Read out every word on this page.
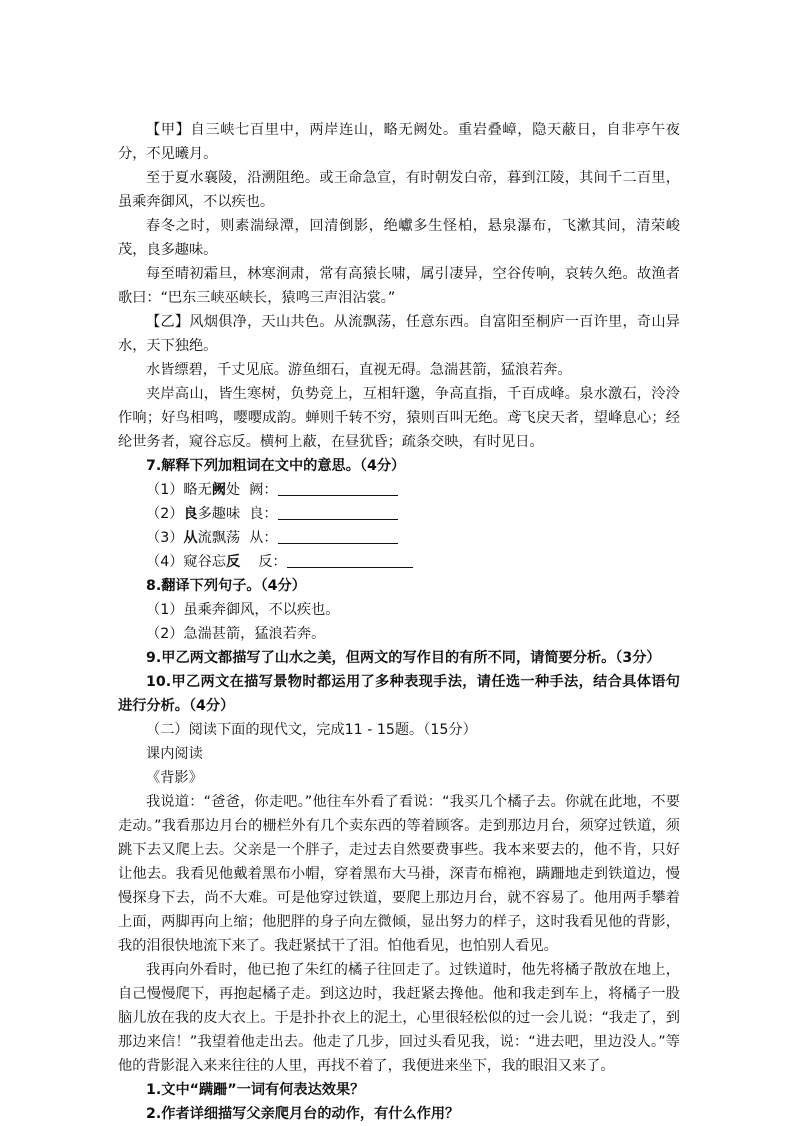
【甲】自三峡七百里中，两岸连山，略无阙处。重岩叠嶂，隐天蔽日，自非亭午夜分，不见曦月。

至于夏水襄陵，沿溯阻绝。或王命急宣，有时朝发白帝，暮到江陵，其间千二百里，虽乘奔御风，不以疾也。

春冬之时，则素湍绿潭，回清倒影，绝巘多生怪柏，悬泉瀑布，飞漱其间，清荣峻茂，良多趣味。

每至晴初霜旦，林寒涧肃，常有高猿长啸，属引凄异，空谷传响，哀转久绝。故渔者歌曰：“巴东三峡巫峡长，猿鸣三声泪沾裳。”

【乙】风烟俱净，天山共色。从流飘荡，任意东西。自富阳至桐庐一百许里，奇山异水，天下独绝。

水皆缥碧，千丈见底。游鱼细石，直视无碍。急湍甚箭，猛浪若奔。

夹岸高山，皆生寒树，负势竞上，互相轩邈，争高直指，千百成峰。泉水激石，泠泠作响；好鸟相鸣，嘤嘤成韵。蝉则千转不穷，猿则百叫无绝。鸢飞戾天者，望峰息心；经纶世务者，窥谷忘反。横柯上蔽，在昼犹昏；疏条交映，有时见日。

7.解释下列加粗词在文中的意思。（4分）

（1）略无阙处 阙：

（2）良多趣味 良：

（3）从流飘荡 从：

（4）窥谷忘反 反：

8.翻译下列句子。（4分）

（1）虽乘奔御风，不以疾也。

（2）急湍甚箭，猛浪若奔。

9.甲乙两文都描写了山水之美，但两文的写作目的有所不同，请简要分析。（3分）

10.甲乙两文在描写景物时都运用了多种表现手法，请任选一种手法，结合具体语句进行分析。（4分）

（二）阅读下面的现代文，完成11 - 15题。（15分）

课内阅读

《背影》

我说道：“爸爸，你走吧。”他往车外看了看说：“我买几个橘子去。你就在此地，不要走动。”我看那边月台的栅栏外有几个卖东西的等着顾客。走到那边月台，须穿过铁道，须跳下去又爬上去。父亲是一个胖子，走过去自然要费事些。我本来要去的，他不肯，只好让他去。我看见他戴着黑布小帽，穿着黑布大马褂，深青布棉袍，蹒跚地走到铁道边，慢慢探身下去，尚不大难。可是他穿过铁道，要爬上那边月台，就不容易了。他用两手攀着上面，两脚再向上缩；他肥胖的身子向左微倾，显出努力的样子，这时我看见他的背影，我的泪很快地流下来了。我赶紧拭干了泪。怕他看见，也怕别人看见。

我再向外看时，他已抱了朱红的橘子往回走了。过铁道时，他先将橘子散放在地上，自己慢慢爬下，再抱起橘子走。到这边时，我赶紧去搀他。他和我走到车上，将橘子一股脑儿放在我的皮大衣上。于是扑扑衣上的泥土，心里很轻松似的过一会儿说：“我走了，到那边来信！”我望着他走出去。他走了几步，回过头看见我，说：“进去吧，里边没人。”等他的背影混入来来往往的人里，再找不着了，我便进来坐下，我的眼泪又来了。

1.文中“蹒跚”一词有何表达效果？

2.作者详细描写父亲爬月台的动作，有什么作用？
